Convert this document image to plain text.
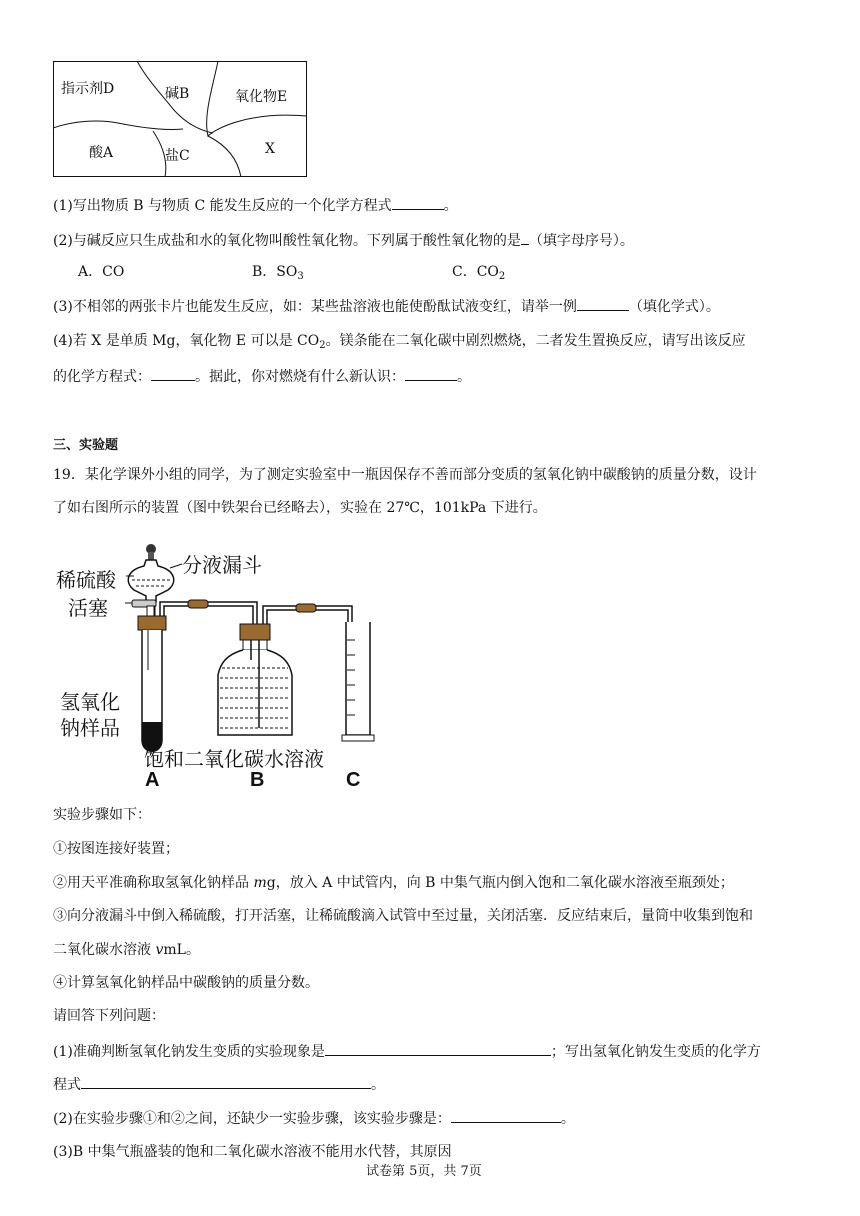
指示剂D	碱B	氧化物E
酸A	盐C	X
(1)写出物质 B 与物质 C 能发生反应的一个化学方程式	。
(2)与碱反应只生成盐和水的氧化物叫酸性氧化物。下列属于酸性氧化物的是 （填字母序号）。
A．CO	B．$SO_3$	C．$CO_2$
(3)不相邻的两张卡片也能发生反应，如：某些盐溶液也能使酚酞试液变红，请举一例	（填化学式）。
(4)若 X 是单质 Mg，氧化物 E 可以是 $CO_2$。镁条能在二氧化碳中剧烈燃烧，二者发生置换反应，请写出该反应
的化学方程式：	。据此，你对燃烧有什么新认识：	。
三、实验题
19．某化学课外小组的同学，为了测定实验室中一瓶因保存不善而部分变质的氢氧化钠中碳酸钠的质量分数，设计
了如右图所示的装置（图中铁架台已经略去），实验在 27℃，101kPa 下进行。
稀硫酸
分液漏斗
活塞
氢氧化
钠样品
饱和二氧化碳水溶液
A	B	C
实验步骤如下：
①按图连接好装置；
②用天平准确称取氢氧化钠样品 mg，放入 A 中试管内，向 B 中集气瓶内倒入饱和二氧化碳水溶液至瓶颈处；
③向分液漏斗中倒入稀硫酸，打开活塞，让稀硫酸滴入试管中至过量，关闭活塞．反应结束后，量筒中收集到饱和
二氧化碳水溶液 vmL。
④计算氢氧化钠样品中碳酸钠的质量分数。
请回答下列问题：
(1)准确判断氢氧化钠发生变质的实验现象是	；写出氢氧化钠发生变质的化学方
程式	。
(2)在实验步骤①和②之间，还缺少一实验步骤，该实验步骤是：	。
(3)B 中集气瓶盛装的饱和二氧化碳水溶液不能用水代替，其原因
试卷第 5页，共 7页
